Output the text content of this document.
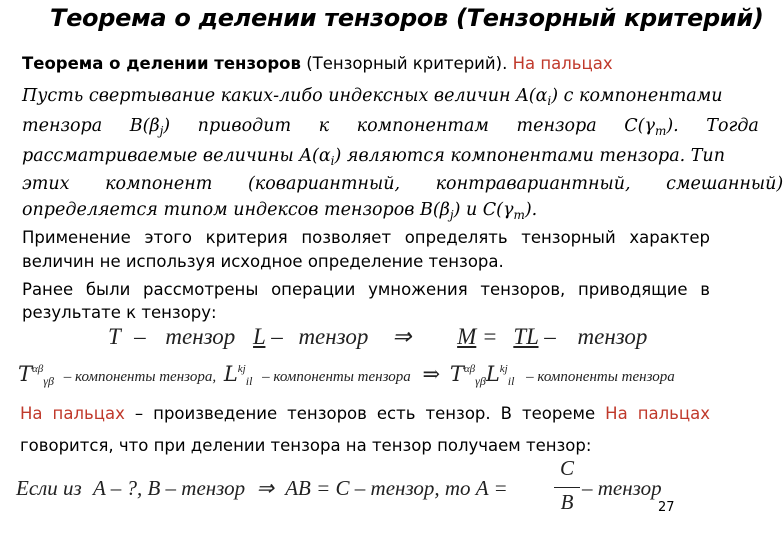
Теорема о делении тензоров (Тензорный критерий)
Теорема о делении тензоров (Тензорный критерий). На пальцах
Пусть свертывание каких-либо индексных величин $A(\alpha_i)$ с компонентами
тензора $B(\beta_j)$ приводит к компонентам тензора $C(\gamma_m)$. Тогда
рассматриваемые величины $A(\alpha_i)$ являются компонентами тензора. Тип
этих компонент (ковариантный, контравариантный, смешанный)
определяется типом индексов тензоров $B(\beta_j)$ и $C(\gamma_m)$.
Применение этого критерия позволяет определять тензорный характер
величин не используя исходное определение тензора.
Ранее были рассмотрены операции умножения тензоров, приводящие в
результате к тензору:
T – тензор L – тензор ⇒ M = TL – тензор
$T^{\alpha\beta}_{\gamma\beta}$ – компоненты тензора, $L^{kj}_{il}$ – компоненты тензора ⇒ $T^{\alpha\beta}_{\gamma\beta}L^{kj}_{il}$ – компоненты тензора
На пальцах – произведение тензоров есть тензор. В теореме На пальцах
говорится, что при делении тензора на тензор получаем тензор:
Если из A – ?, B – тензор ⇒ AB = C – тензор, то A =
C
B
– тензор
27
